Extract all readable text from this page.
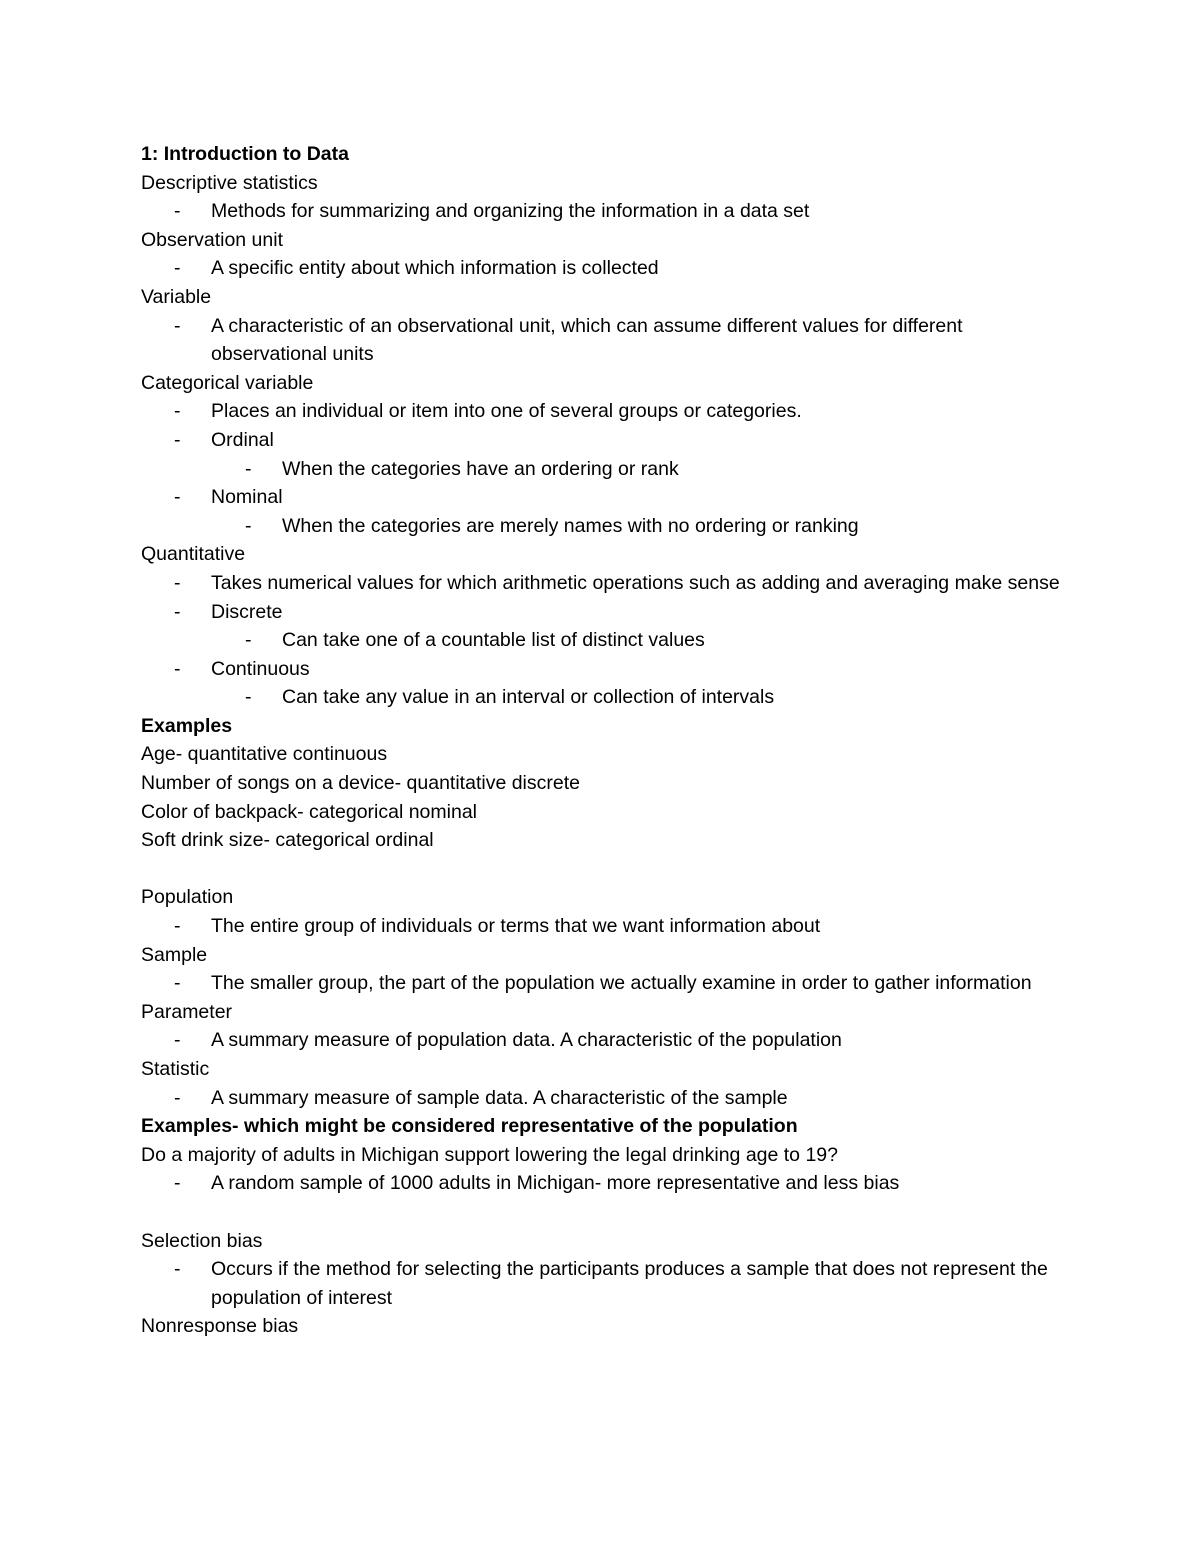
1: Introduction to Data

Descriptive statistics

- Methods for summarizing and organizing the information in a data set

Observation unit

- A specific entity about which information is collected

Variable

- A characteristic of an observational unit, which can assume different values for different observational units

Categorical variable

- Places an individual or item into one of several groups or categories.
- Ordinal
- When the categories have an ordering or rank
- Nominal
- When the categories are merely names with no ordering or ranking

Quantitative

- Takes numerical values for which arithmetic operations such as adding and averaging make sense
- Discrete
- Can take one of a countable list of distinct values
- Continuous
- Can take any value in an interval or collection of intervals

Examples

Age- quantitative continuous

Number of songs on a device- quantitative discrete

Color of backpack- categorical nominal

Soft drink size- categorical ordinal

Population

- The entire group of individuals or terms that we want information about

Sample

- The smaller group, the part of the population we actually examine in order to gather information

Parameter

- A summary measure of population data. A characteristic of the population

Statistic

- A summary measure of sample data. A characteristic of the sample

Examples- which might be considered representative of the population

Do a majority of adults in Michigan support lowering the legal drinking age to 19?

- A random sample of 1000 adults in Michigan- more representative and less bias

Selection bias

- Occurs if the method for selecting the participants produces a sample that does not represent the population of interest

Nonresponse bias
